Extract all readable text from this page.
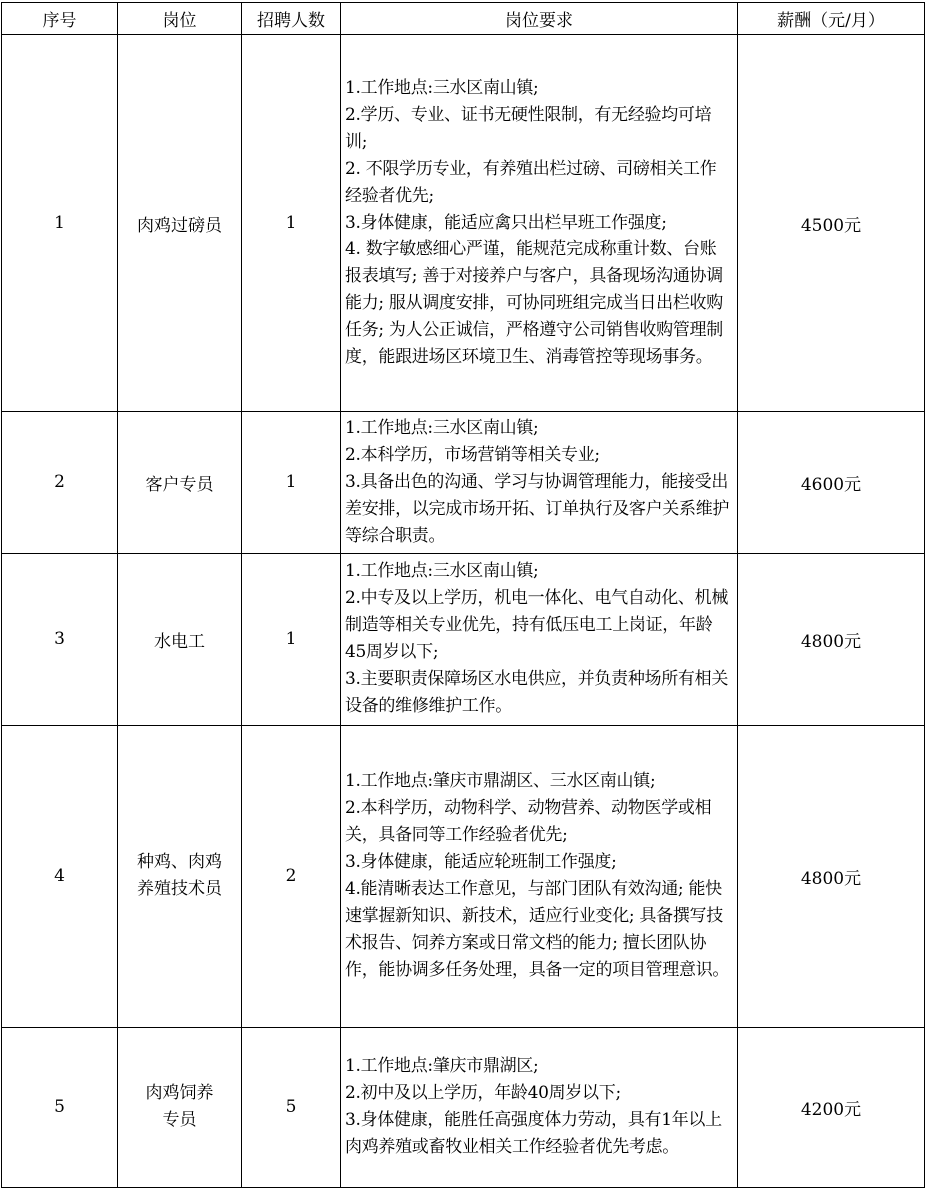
序号	岗位	招聘人数	岗位要求	薪酬（元/月）
1	肉鸡过磅员	1	1.工作地点:三水区南山镇;
2.学历、专业、证书无硬性限制，有无经验均可培训;
2. 不限学历专业，有养殖出栏过磅、司磅相关工作经验者优先;
3.身体健康，能适应禽只出栏早班工作强度;
4. 数字敏感细心严谨，能规范完成称重计数、台账报表填写; 善于对接养户与客户，具备现场沟通协调能力; 服从调度安排，可协同班组完成当日出栏收购任务; 为人公正诚信，严格遵守公司销售收购管理制度，能跟进场区环境卫生、消毒管控等现场事务。	4500元
2	客户专员	1	1.工作地点:三水区南山镇;
2.本科学历，市场营销等相关专业;
3.具备出色的沟通、学习与协调管理能力，能接受出差安排，以完成市场开拓、订单执行及客户关系维护等综合职责。	4600元
3	水电工	1	1.工作地点:三水区南山镇;
2.中专及以上学历，机电一体化、电气自动化、机械制造等相关专业优先，持有低压电工上岗证，年龄45周岁以下;
3.主要职责保障场区水电供应，并负责种场所有相关设备的维修维护工作。	4800元
4	种鸡、肉鸡养殖技术员	2	1.工作地点:肇庆市鼎湖区、三水区南山镇;
2.本科学历，动物科学、动物营养、动物医学或相关，具备同等工作经验者优先;
3.身体健康，能适应轮班制工作强度;
4.能清晰表达工作意见，与部门团队有效沟通; 能快速掌握新知识、新技术，适应行业变化; 具备撰写技术报告、饲养方案或日常文档的能力; 擅长团队协作，能协调多任务处理，具备一定的项目管理意识。	4800元
5	肉鸡饲养专员	5	1.工作地点:肇庆市鼎湖区;
2.初中及以上学历，年龄40周岁以下;
3.身体健康，能胜任高强度体力劳动，具有1年以上肉鸡养殖或畜牧业相关工作经验者优先考虑。	4200元
